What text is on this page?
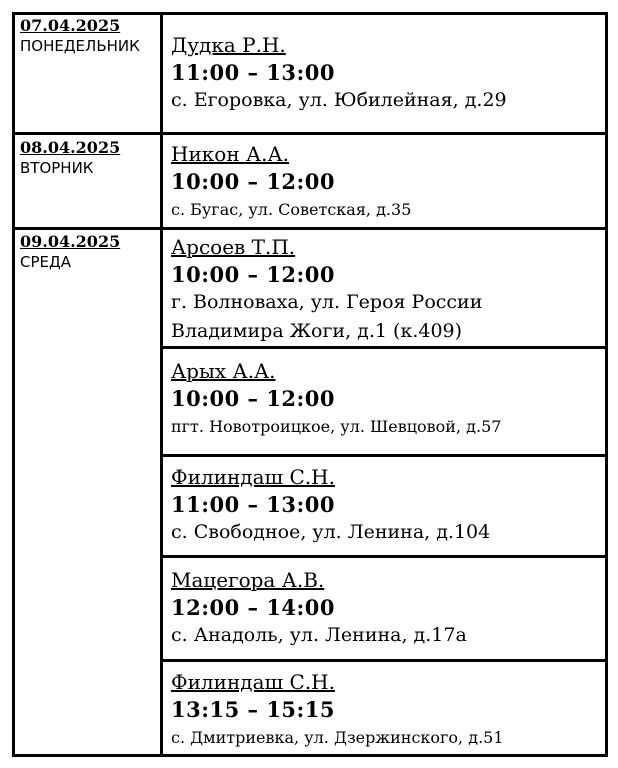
07.04.2025
ПОНЕДЕЛЬНИК	Дудка Р.Н.
11:00 – 13:00
с. Егоровка, ул. Юбилейная, д.29
08.04.2025
ВТОРНИК
Никон А.А.
10:00 – 12:00
с. Бугас, ул. Советская, д.35
09.04.2025
СРЕДА
Арсоев Т.П.
10:00 – 12:00
г. Волноваха, ул. Героя России
Владимира Жоги, д.1 (к.409)
Арых А.А.
10:00 – 12:00
пгт. Новотроицкое, ул. Шевцовой, д.57
Филиндаш С.Н.
11:00 – 13:00
с. Свободное, ул. Ленина, д.104
Мацегора А.В.
12:00 – 14:00
с. Анадоль, ул. Ленина, д.17а
Филиндаш С.Н.
13:15 – 15:15
с. Дмитриевка, ул. Дзержинского, д.51
